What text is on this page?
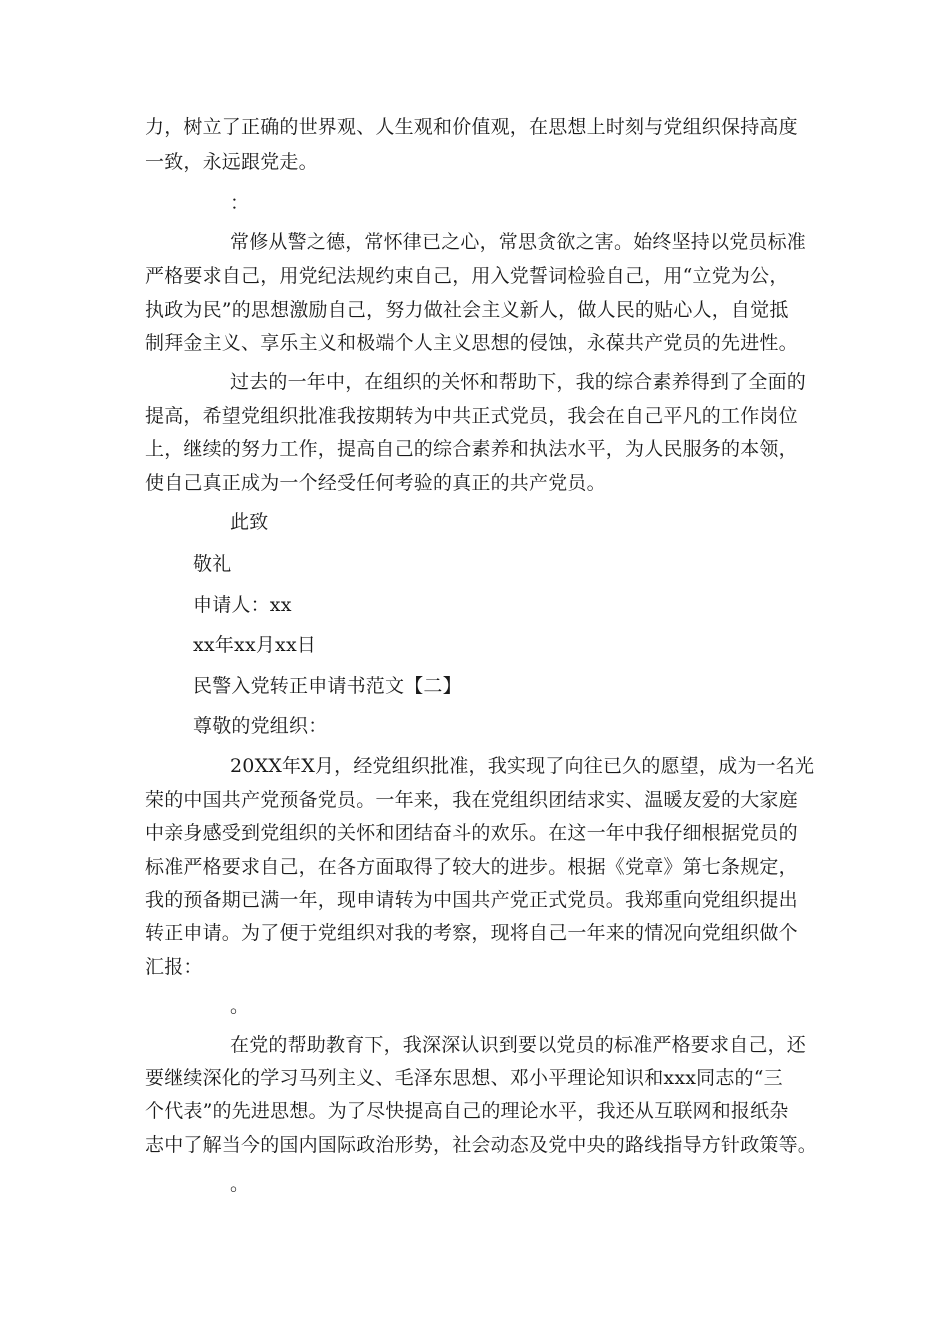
力，树立了正确的世界观、人生观和价值观，在思想上时刻与党组织保持高度
一致，永远跟党走。
：
常修从警之德，常怀律已之心，常思贪欲之害。始终坚持以党员标准
严格要求自己，用党纪法规约束自己，用入党誓词检验自己，用“立党为公，
执政为民”的思想激励自己，努力做社会主义新人，做人民的贴心人，自觉抵
制拜金主义、享乐主义和极端个人主义思想的侵蚀，永葆共产党员的先进性。
过去的一年中，在组织的关怀和帮助下，我的综合素养得到了全面的
提高，希望党组织批准我按期转为中共正式党员，我会在自己平凡的工作岗位
上，继续的努力工作，提高自己的综合素养和执法水平，为人民服务的本领，
使自己真正成为一个经受任何考验的真正的共产党员。
此致
敬礼
申请人：xx
xx年xx月xx日
民警入党转正申请书范文【二】
尊敬的党组织：
20XX年X月，经党组织批准，我实现了向往已久的愿望，成为一名光
荣的中国共产党预备党员。一年来，我在党组织团结求实、温暖友爱的大家庭
中亲身感受到党组织的关怀和团结奋斗的欢乐。在这一年中我仔细根据党员的
标准严格要求自己，在各方面取得了较大的进步。根据《党章》第七条规定，
我的预备期已满一年，现申请转为中国共产党正式党员。我郑重向党组织提出
转正申请。为了便于党组织对我的考察，现将自己一年来的情况向党组织做个
汇报：
。
在党的帮助教育下，我深深认识到要以党员的标准严格要求自己，还
要继续深化的学习马列主义、毛泽东思想、邓小平理论知识和xxx同志的“三
个代表”的先进思想。为了尽快提高自己的理论水平，我还从互联网和报纸杂
志中了解当今的国内国际政治形势，社会动态及党中央的路线指导方针政策等。
。
